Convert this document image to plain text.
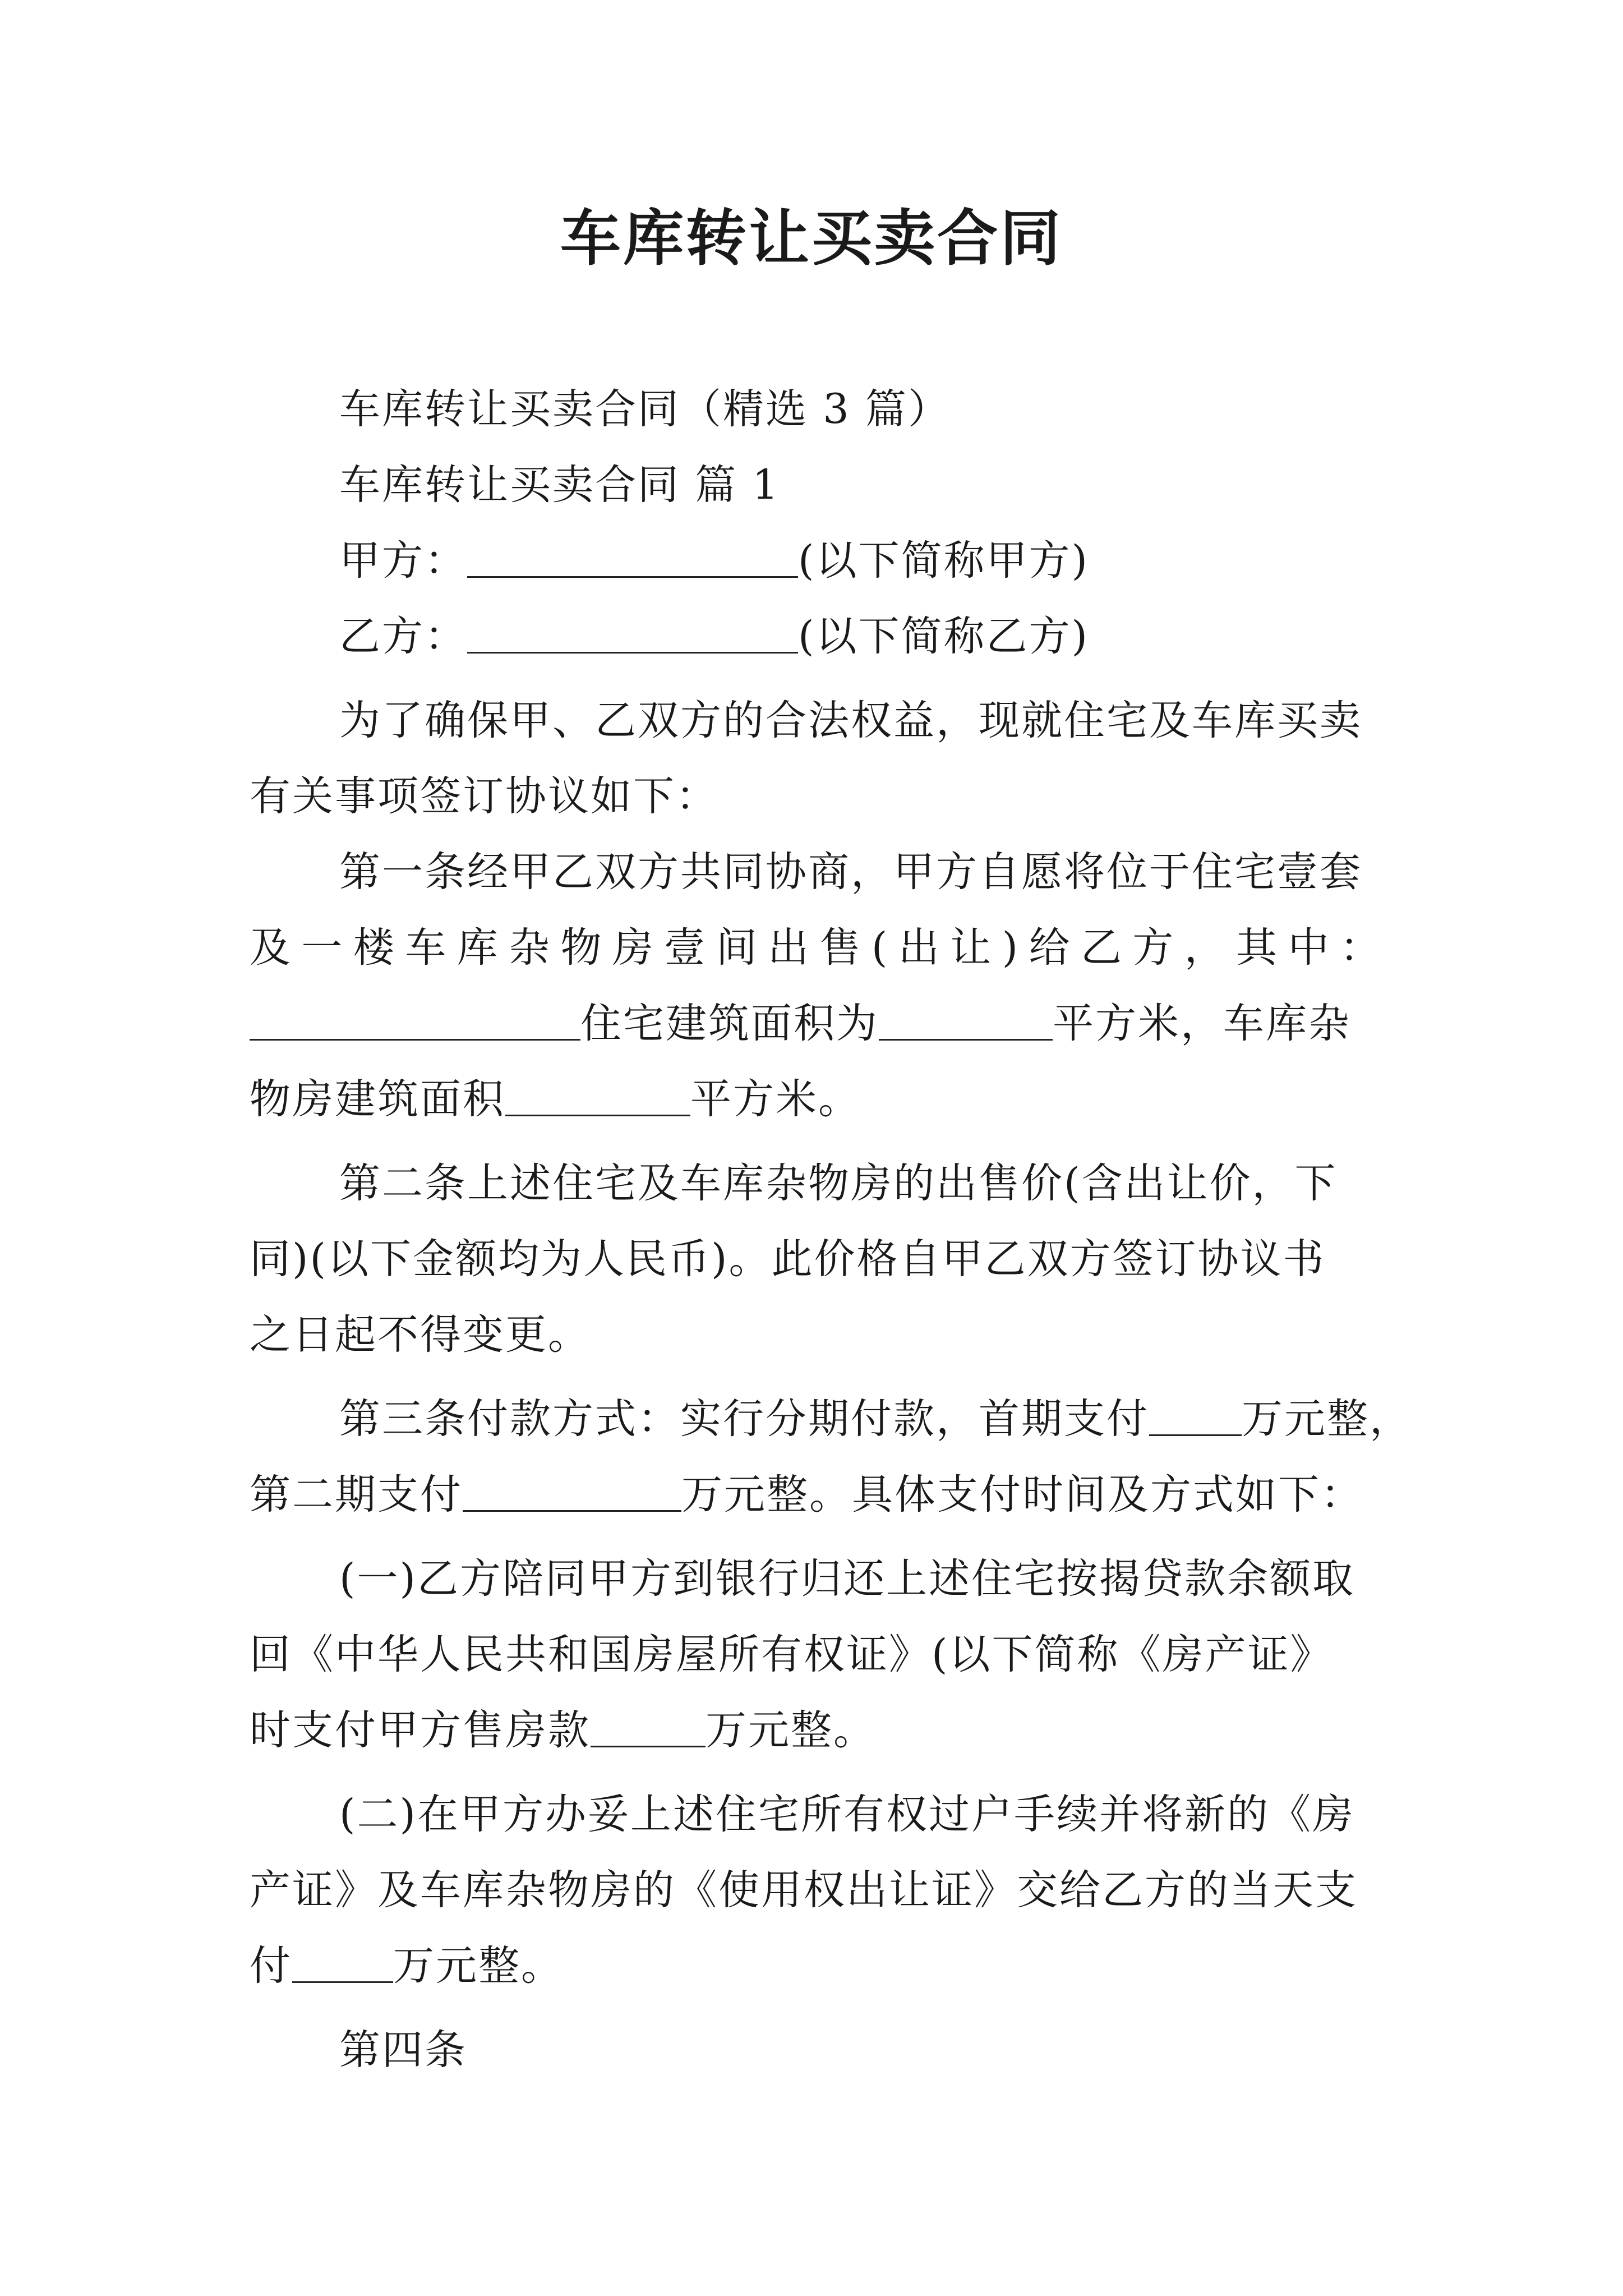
车库转让买卖合同
车库转让买卖合同（精选 3 篇）
车库转让买卖合同 篇 1
甲方：	(以下简称甲方)
乙方：	(以下简称乙方)
为了确保甲、乙双方的合法权益，现就住宅及车库买卖
有关事项签订协议如下：
第一条经甲乙双方共同协商，甲方自愿将位于住宅壹套
及一楼车库杂物房壹间出售(出让)给乙方，其中：
住宅建筑面积为	平方米，车库杂
物房建筑面积	平方米。
第二条上述住宅及车库杂物房的出售价(含出让价，下
同)(以下金额均为人民币)。此价格自甲乙双方签订协议书
之日起不得变更。
第三条付款方式：实行分期付款，首期支付 万元整，
第二期支付	万元整。具体支付时间及方式如下：
(一)乙方陪同甲方到银行归还上述住宅按揭贷款余额取
回《中华人民共和国房屋所有权证》(以下简称《房产证》
时支付甲方售房款	万元整。
(二)在甲方办妥上述住宅所有权过户手续并将新的《房
产证》及车库杂物房的《使用权出让证》交给乙方的当天支
付 万元整。
第四条
